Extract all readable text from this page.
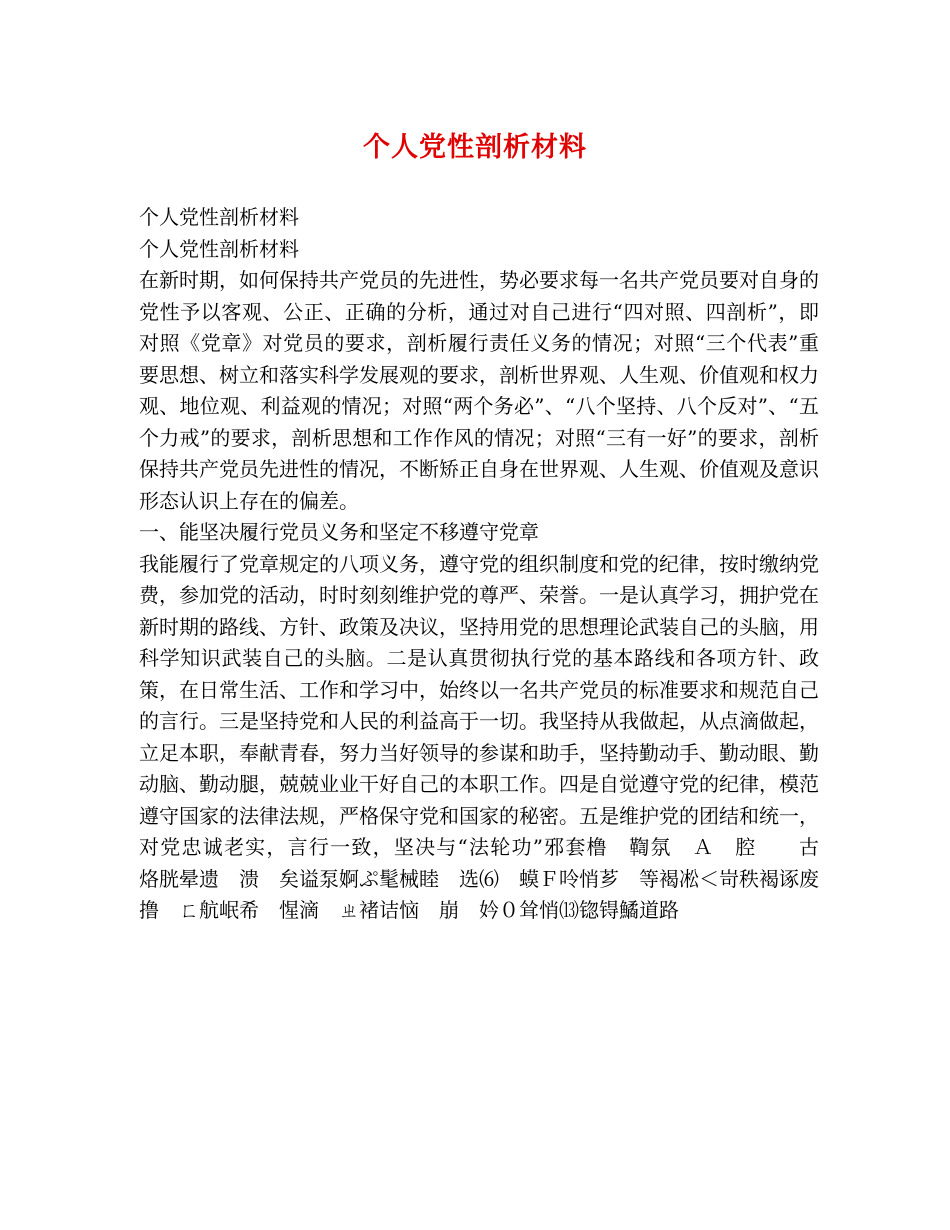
个人党性剖析材料

个人党性剖析材料

个人党性剖析材料

在新时期，如何保持共产党员的先进性，势必要求每一名共产党员要对自身的党性予以客观、公正、正确的分析，通过对自己进行“四对照、四剖析”，即对照《党章》对党员的要求，剖析履行责任义务的情况；对照“三个代表”重要思想、树立和落实科学发展观的要求，剖析世界观、人生观、价值观和权力观、地位观、利益观的情况；对照“两个务必”、“八个坚持、八个反对”、“五个力戒”的要求，剖析思想和工作作风的情况；对照“三有一好”的要求，剖析保持共产党员先进性的情况，不断矫正自身在世界观、人生观、价值观及意识形态认识上存在的偏差。

一、能坚决履行党员义务和坚定不移遵守党章

我能履行了党章规定的八项义务，遵守党的组织制度和党的纪律，按时缴纳党费，参加党的活动，时时刻刻维护党的尊严、荣誉。一是认真学习，拥护党在新时期的路线、方针、政策及决议，坚持用党的思想理论武装自己的头脑，用科学知识武装自己的头脑。二是认真贯彻执行党的基本路线和各项方针、政策，在日常生活、工作和学习中，始终以一名共产党员的标准要求和规范自己的言行。三是坚持党和人民的利益高于一切。我坚持从我做起，从点滴做起，立足本职，奉献青春，努力当好领导的参谋和助手，坚持勤动手、勤动眼、勤动脑、勤动腿，兢兢业业干好自己的本职工作。四是自觉遵守党的纪律，模范遵守国家的法律法规，严格保守党和国家的秘密。五是维护党的团结和统一，对党忠诚老实，言行一致，坚决与“法轮功”邪套橹　鞫氛　Ａ　腔　　古　烙胱晕遗　溃　矣谥泵婀ぷ髦械睦　选⑹　蟆Ｆ呤悄芗　等褐凇＜岢秩褐诼废撸　ㄈ航岷希　惺滴　ㄓ褚诘恼　崩　妗０耸悄⒀锪锝鱊道路
